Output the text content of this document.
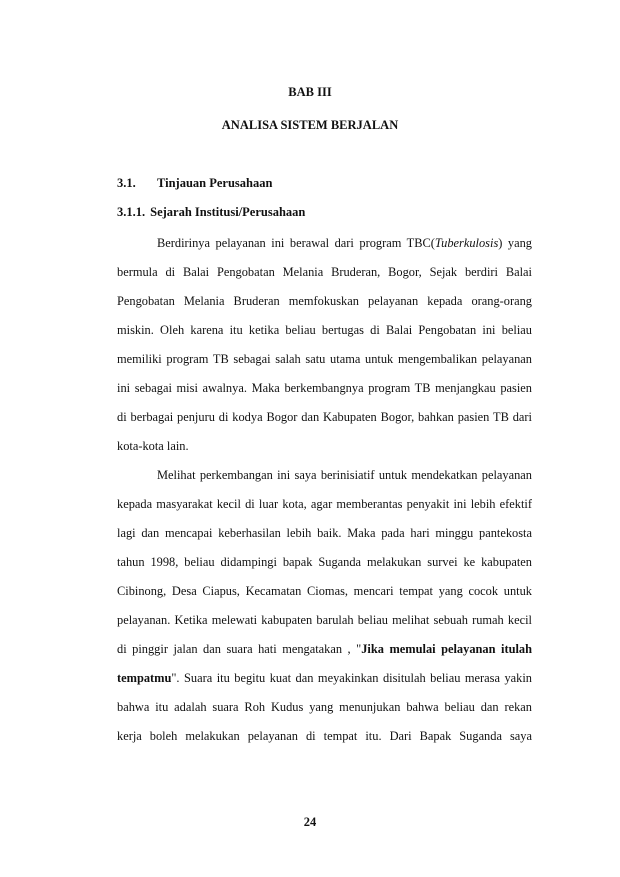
BAB III
ANALISA SISTEM BERJALAN
3.1. Tinjauan Perusahaan
3.1.1. Sejarah Institusi/Perusahaan
Berdirinya pelayanan ini berawal dari program TBC(Tuberkulosis) yang
bermula di Balai Pengobatan Melania Bruderan, Bogor, Sejak berdiri Balai
Pengobatan Melania Bruderan memfokuskan pelayanan kepada orang-orang
miskin. Oleh karena itu ketika beliau bertugas di Balai Pengobatan ini beliau
memiliki program TB sebagai salah satu utama untuk mengembalikan pelayanan
ini sebagai misi awalnya. Maka berkembangnya program TB menjangkau pasien
di berbagai penjuru di kodya Bogor dan Kabupaten Bogor, bahkan pasien TB dari
kota-kota lain.
Melihat perkembangan ini saya berinisiatif untuk mendekatkan pelayanan
kepada masyarakat kecil di luar kota, agar memberantas penyakit ini lebih efektif
lagi dan mencapai keberhasilan lebih baik. Maka pada hari minggu pantekosta
tahun 1998, beliau didampingi bapak Suganda melakukan survei ke kabupaten
Cibinong, Desa Ciapus, Kecamatan Ciomas, mencari tempat yang cocok untuk
pelayanan. Ketika melewati kabupaten barulah beliau melihat sebuah rumah kecil
di pinggir jalan dan suara hati mengatakan , "Jika memulai pelayanan itulah
tempatmu". Suara itu begitu kuat dan meyakinkan disitulah beliau merasa yakin
bahwa itu adalah suara Roh Kudus yang menunjukan bahwa beliau dan rekan
kerja boleh melakukan pelayanan di tempat itu. Dari Bapak Suganda saya
24
